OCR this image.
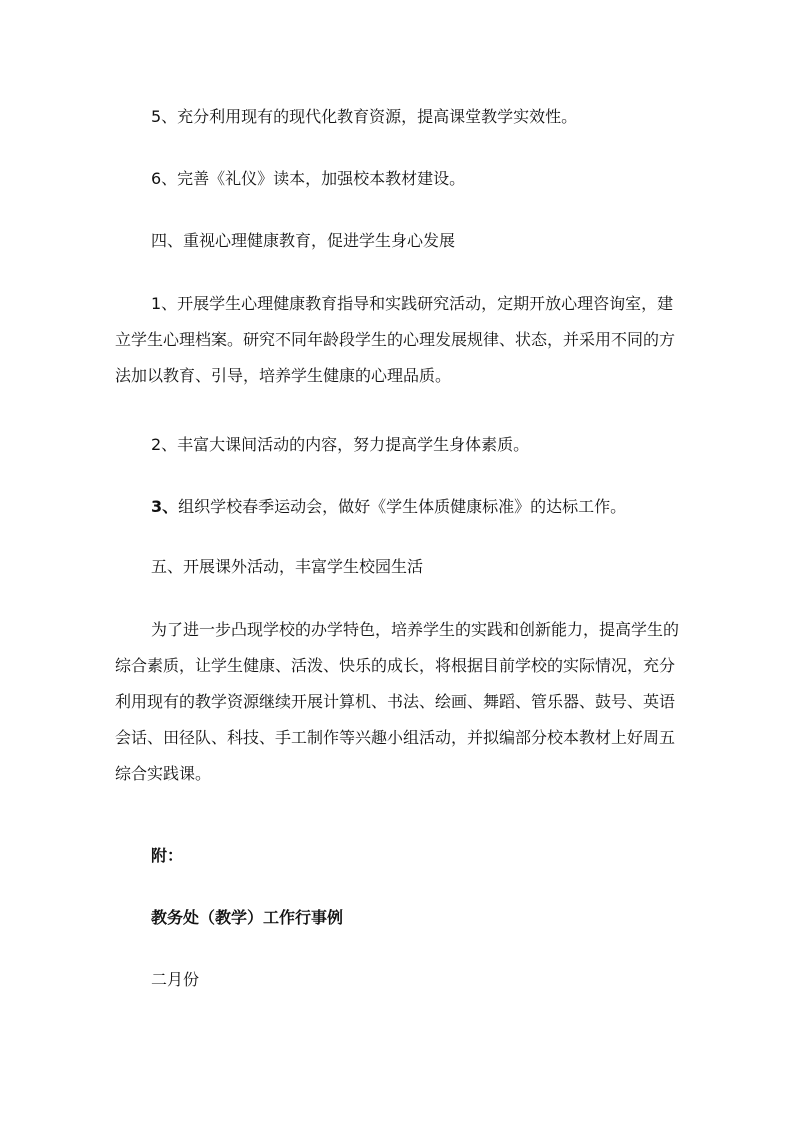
5、充分利用现有的现代化教育资源，提高课堂教学实效性。

6、完善《礼仪》读本，加强校本教材建设。

四、重视心理健康教育，促进学生身心发展

1、开展学生心理健康教育指导和实践研究活动，定期开放心理咨询室，建立学生心理档案。研究不同年龄段学生的心理发展规律、状态，并采用不同的方法加以教育、引导，培养学生健康的心理品质。

2、丰富大课间活动的内容，努力提高学生身体素质。

3、组织学校春季运动会，做好《学生体质健康标准》的达标工作。

五、开展课外活动，丰富学生校园生活

为了进一步凸现学校的办学特色，培养学生的实践和创新能力，提高学生的综合素质，让学生健康、活泼、快乐的成长，将根据目前学校的实际情况，充分利用现有的教学资源继续开展计算机、书法、绘画、舞蹈、管乐器、鼓号、英语会话、田径队、科技、手工制作等兴趣小组活动，并拟编部分校本教材上好周五综合实践课。

附：

教务处（教学）工作行事例

二月份
